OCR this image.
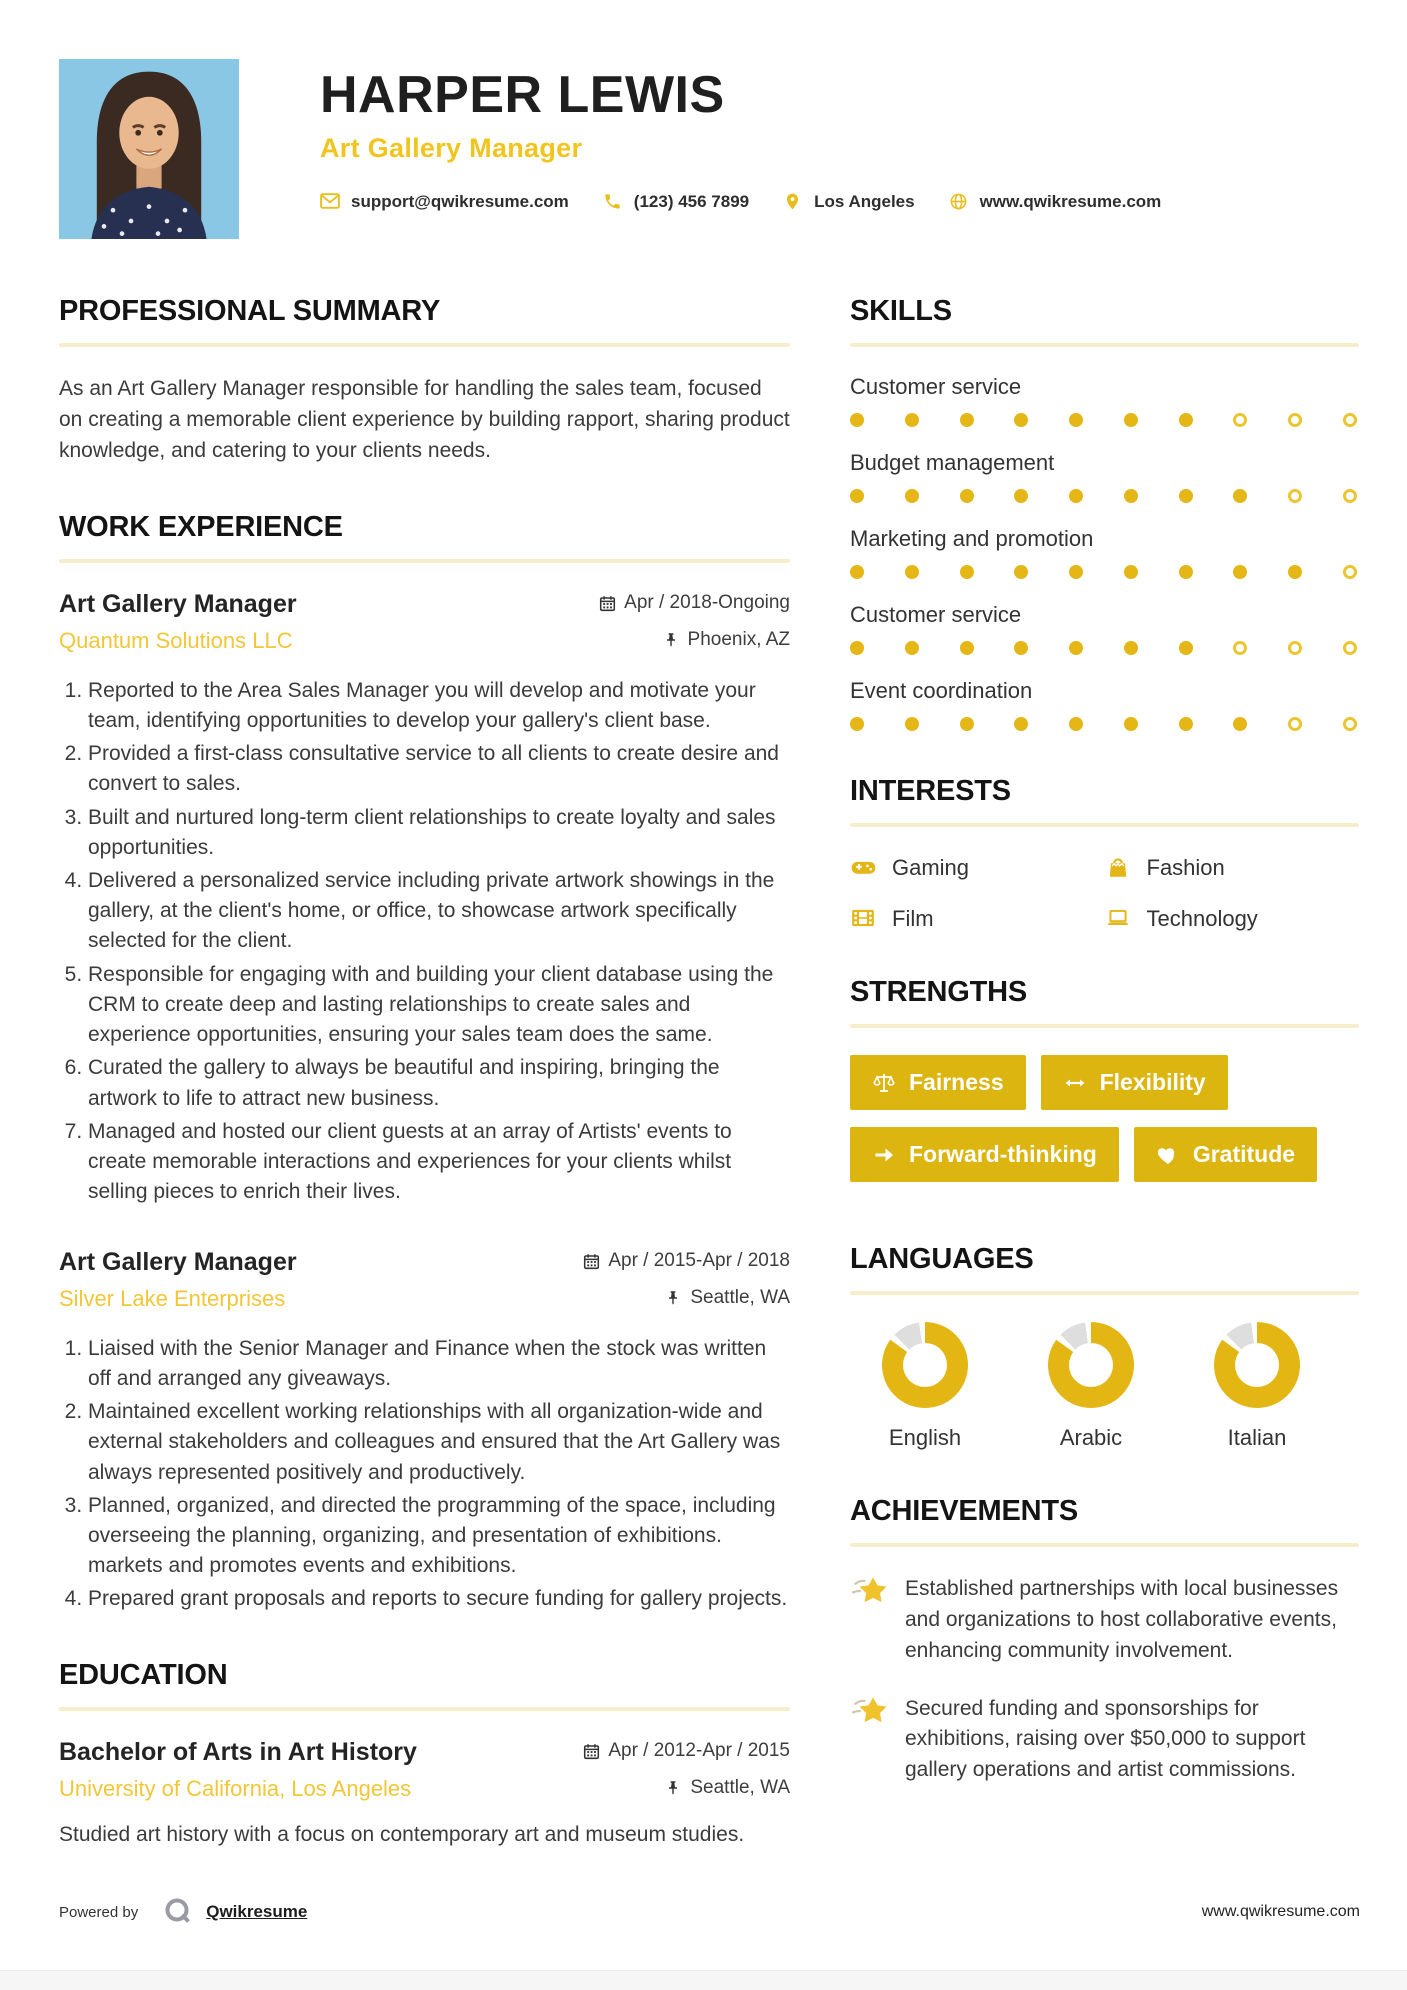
HARPER LEWIS
Art Gallery Manager
support@qwikresume.com	(123) 456 7899	Los Angeles	www.qwikresume.com
PROFESSIONAL SUMMARY

As an Art Gallery Manager responsible for handling the sales team, focused on creating a memorable client experience by building rapport, sharing product knowledge, and catering to your clients needs.

WORK EXPERIENCE
Art Gallery Manager	Apr / 2018-Ongoing
Quantum Solutions LLC	Phoenix, AZ
1. Reported to the Area Sales Manager you will develop and motivate your team, identifying opportunities to develop your gallery's client base.
2. Provided a first-class consultative service to all clients to create desire and convert to sales.
3. Built and nurtured long-term client relationships to create loyalty and sales opportunities.
4. Delivered a personalized service including private artwork showings in the gallery, at the client's home, or office, to showcase artwork specifically selected for the client.
5. Responsible for engaging with and building your client database using the CRM to create deep and lasting relationships to create sales and experience opportunities, ensuring your sales team does the same.
6. Curated the gallery to always be beautiful and inspiring, bringing the artwork to life to attract new business.
7. Managed and hosted our client guests at an array of Artists' events to create memorable interactions and experiences for your clients whilst selling pieces to enrich their lives.
Art Gallery Manager	Apr / 2015-Apr / 2018
Silver Lake Enterprises	Seattle, WA
1. Liaised with the Senior Manager and Finance when the stock was written off and arranged any giveaways.
2. Maintained excellent working relationships with all organization-wide and external stakeholders and colleagues and ensured that the Art Gallery was always represented positively and productively.
3. Planned, organized, and directed the programming of the space, including overseeing the planning, organizing, and presentation of exhibitions. markets and promotes events and exhibitions.
4. Prepared grant proposals and reports to secure funding for gallery projects.
EDUCATION
Bachelor of Arts in Art History	Apr / 2012-Apr / 2015
University of California, Los Angeles	Seattle, WA

Studied art history with a focus on contemporary art and museum studies.

SKILLS
Customer service
Budget management
Marketing and promotion
Customer service
Event coordination
INTERESTS
Gaming	Fashion
Film	Technology
STRENGTHS
Fairness	Flexibility
Forward-thinking	Gratitude
LANGUAGES
English	Arabic	Italian
ACHIEVEMENTS

Established partnerships with local businesses and organizations to host collaborative events, enhancing community involvement.

Secured funding and sponsorships for exhibitions, raising over $50,000 to support gallery operations and artist commissions.

Powered by	Qwikresume	www.qwikresume.com
